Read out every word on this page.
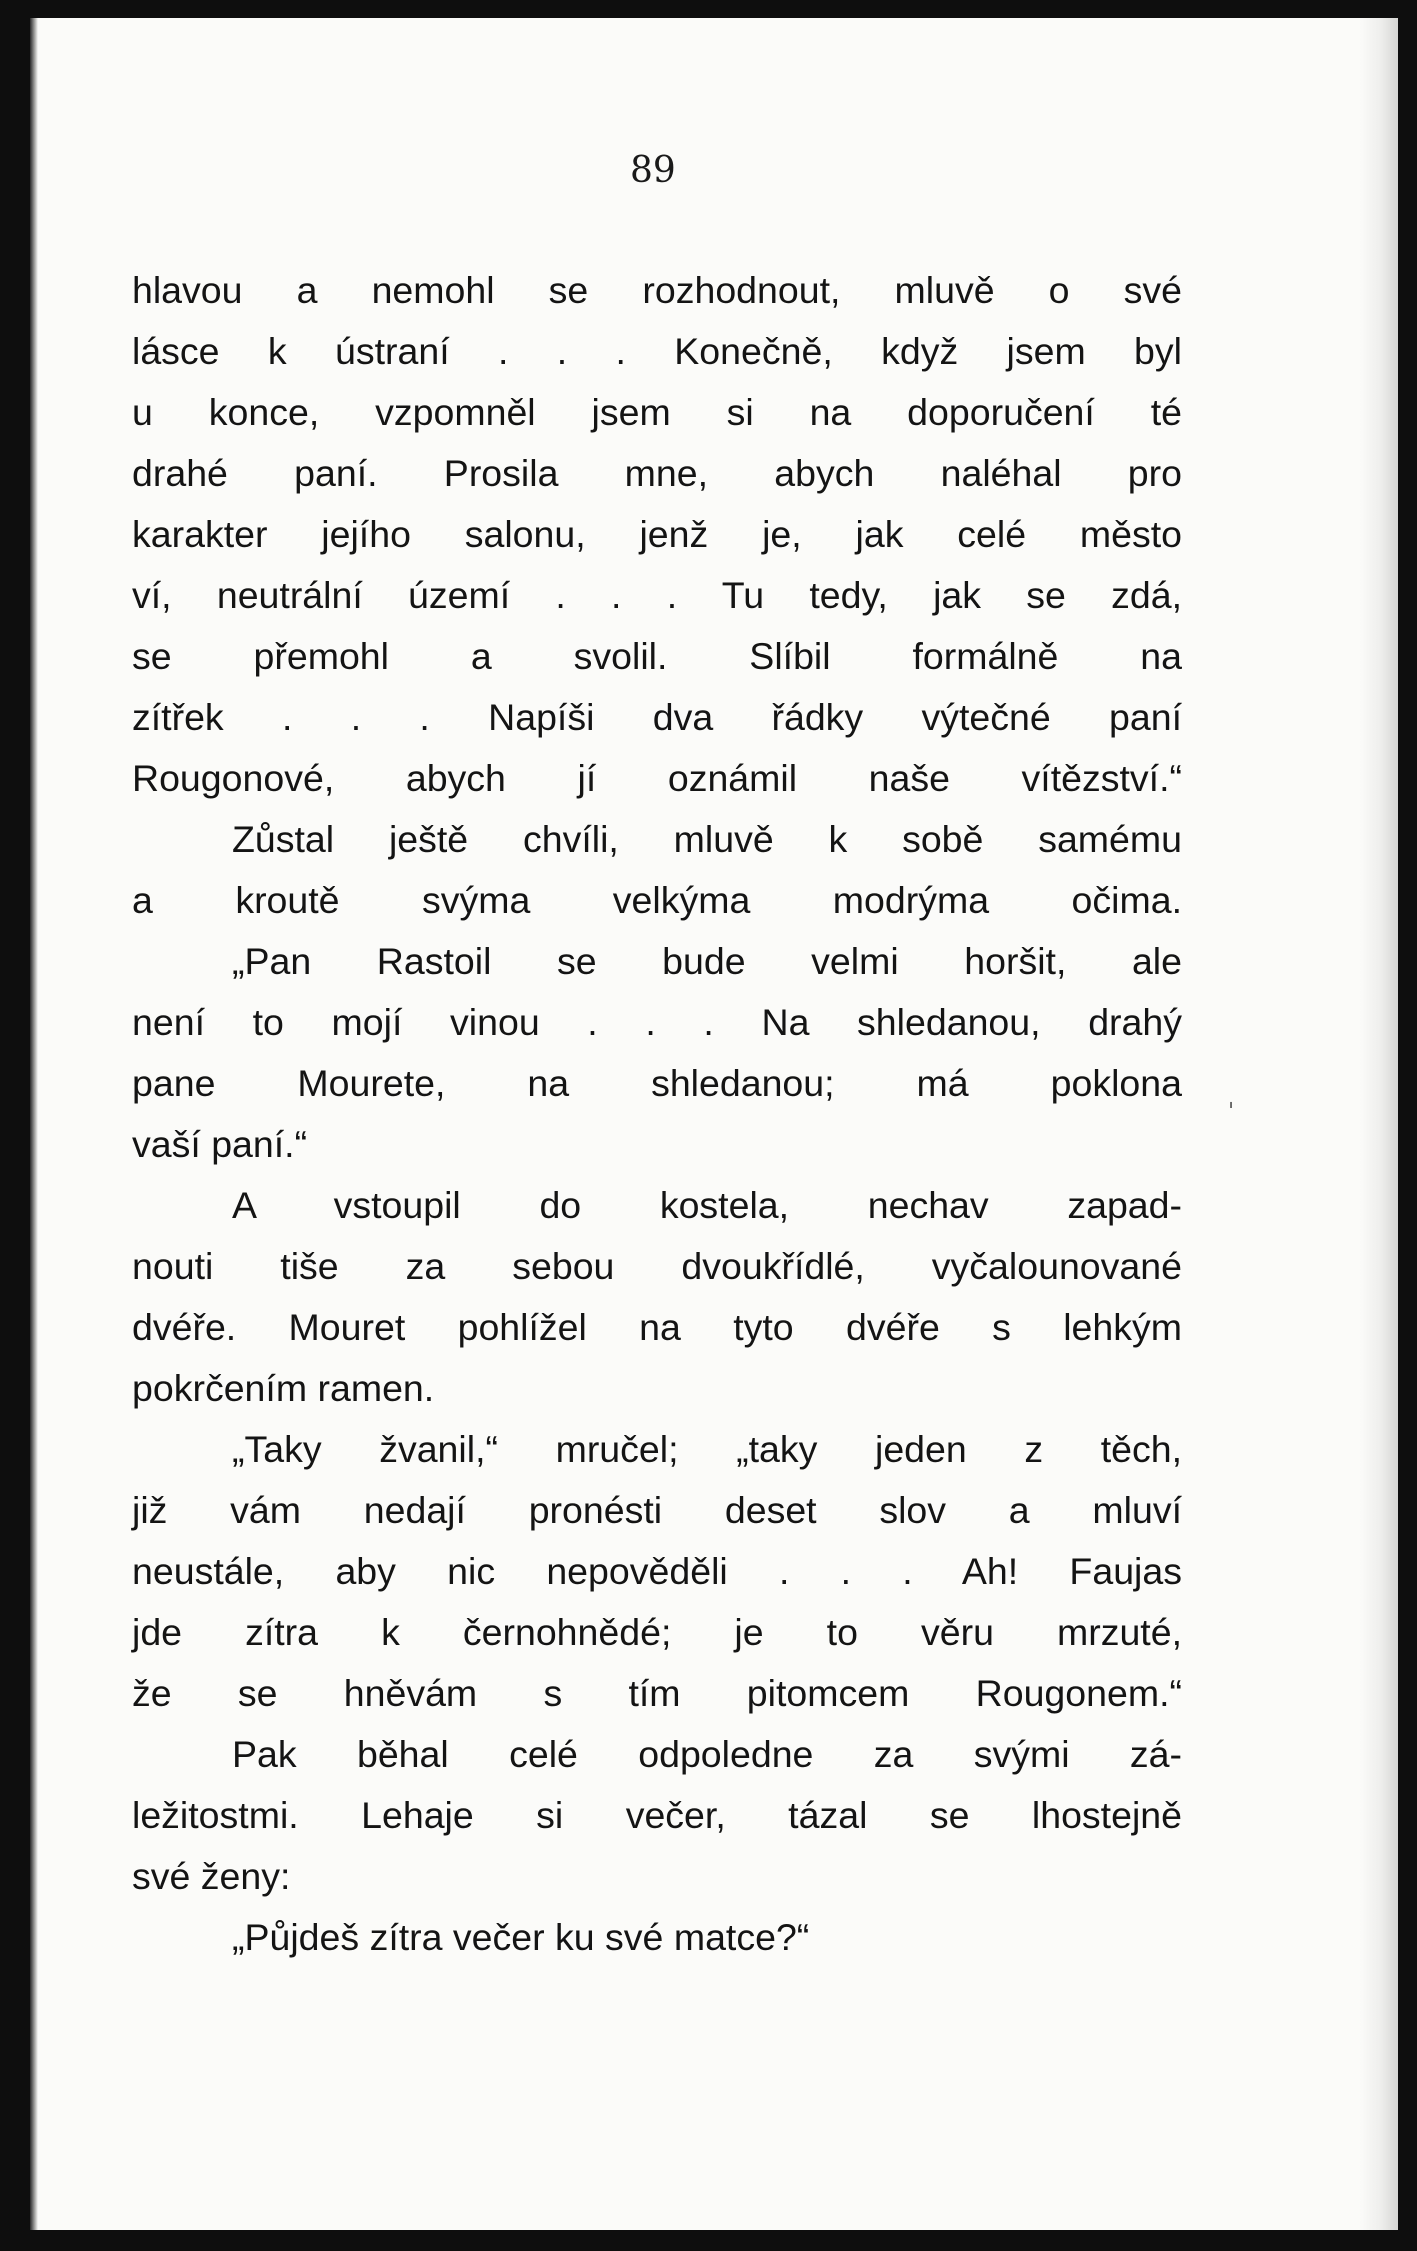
89
hlavou a nemohl se rozhodnout, mluvě o své
lásce k ústraní . . . Konečně, když jsem byl
u konce, vzpomněl jsem si na doporučení té
drahé paní. Prosila mne, abych naléhal pro
karakter jejího salonu, jenž je, jak celé město
ví, neutrální území . . . Tu tedy, jak se zdá,
se přemohl a svolil. Slíbil formálně na
zítřek . . . Napíši dva řádky výtečné paní
Rougonové, abych jí oznámil naše vítězství.“
Zůstal ještě chvíli, mluvě k sobě samému
a kroutě svýma velkýma modrýma očima.
„Pan Rastoil se bude velmi horšit, ale
není to mojí vinou . . . Na shledanou, drahý
pane Mourete, na shledanou; má poklona
vaší paní.“
A vstoupil do kostela, nechav zapad-
nouti tiše za sebou dvoukřídlé, vyčalounované
dvéře. Mouret pohlížel na tyto dvéře s lehkým
pokrčením ramen.
„Taky žvanil,“ mručel; „taky jeden z těch,
již vám nedají pronésti deset slov a mluví
neustále, aby nic nepověděli . . . Ah! Faujas
jde zítra k černohnědé; je to věru mrzuté,
že se hněvám s tím pitomcem Rougonem.“
Pak běhal celé odpoledne za svými zá-
ležitostmi. Lehaje si večer, tázal se lhostejně
své ženy:
„Půjdeš zítra večer ku své matce?“
ˈ
